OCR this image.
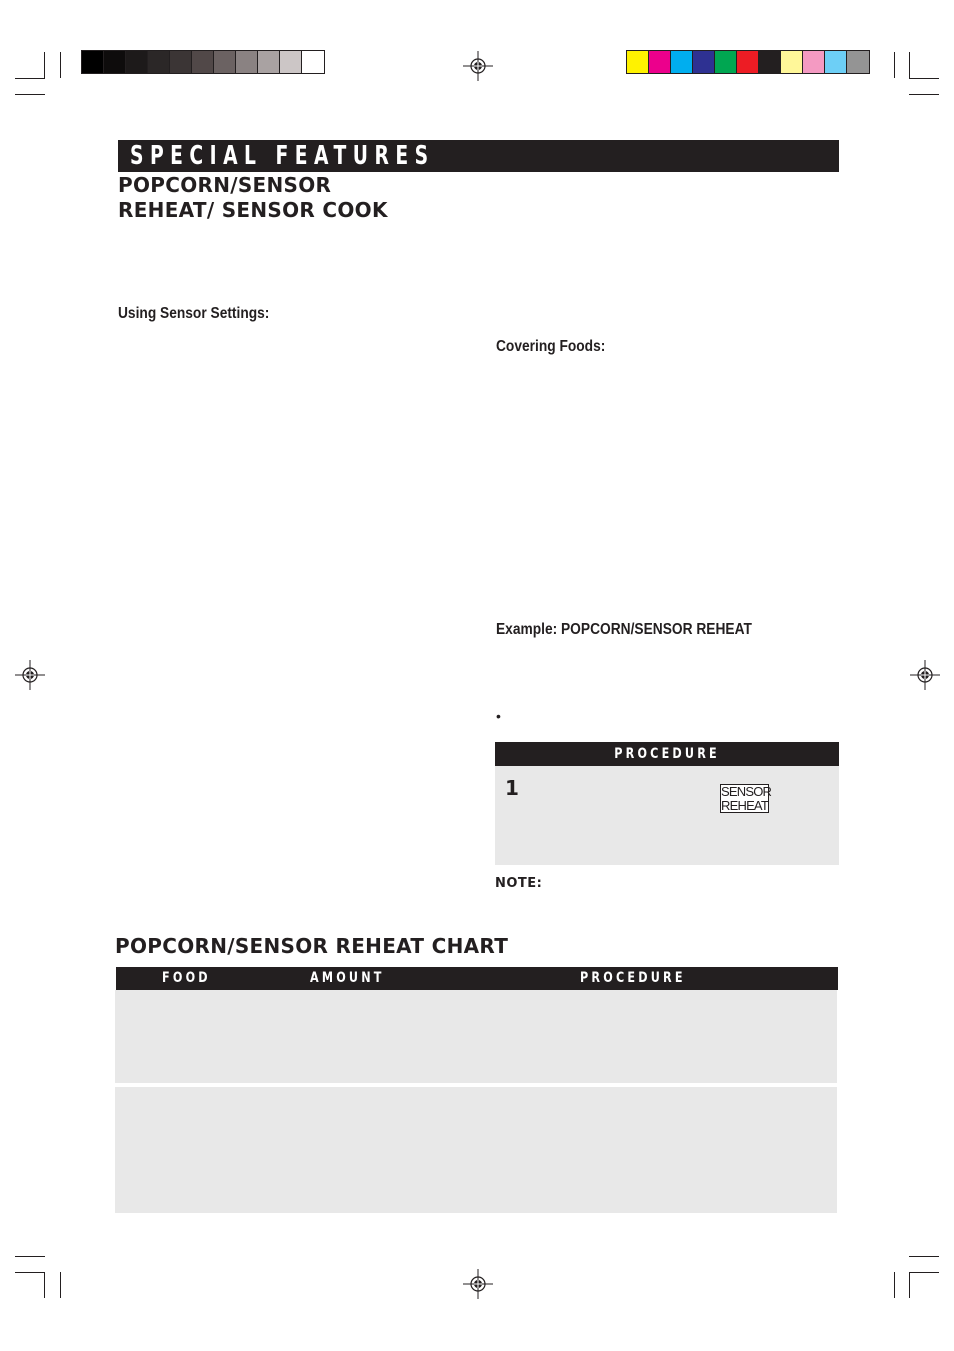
SPECIAL FEATURES
POPCORN/SENSOR
REHEAT/ SENSOR COOK
Using Sensor Settings:
Covering Foods:
Example: POPCORN/SENSOR REHEAT
•
PROCEDURE
1	SENSOR
REHEAT
NOTE:
POPCORN/SENSOR REHEAT CHART
FOOD	AMOUNT	PROCEDURE
